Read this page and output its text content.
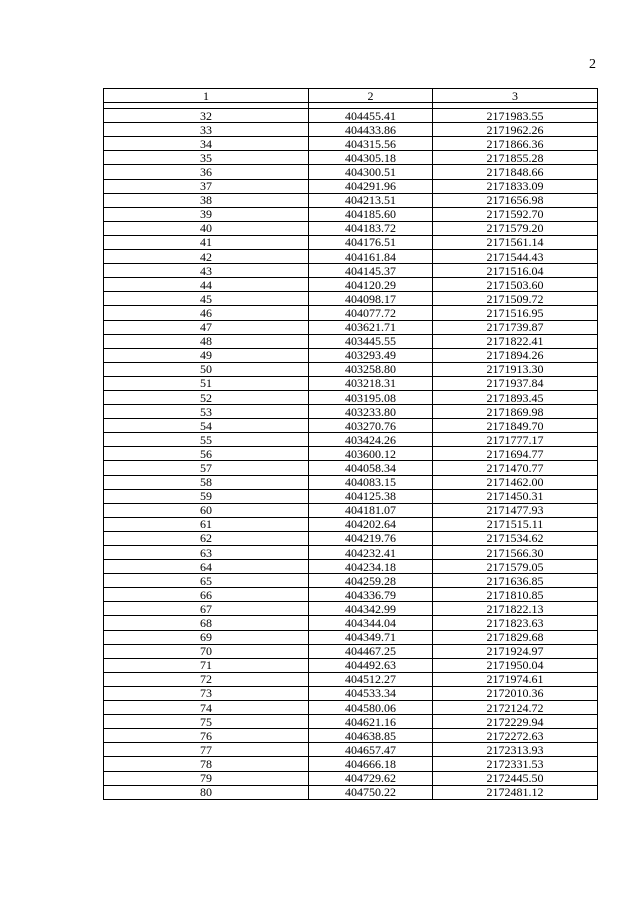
2
1	2	3

32	404455.41	2171983.55
33	404433.86	2171962.26
34	404315.56	2171866.36
35	404305.18	2171855.28
36	404300.51	2171848.66
37	404291.96	2171833.09
38	404213.51	2171656.98
39	404185.60	2171592.70
40	404183.72	2171579.20
41	404176.51	2171561.14
42	404161.84	2171544.43
43	404145.37	2171516.04
44	404120.29	2171503.60
45	404098.17	2171509.72
46	404077.72	2171516.95
47	403621.71	2171739.87
48	403445.55	2171822.41
49	403293.49	2171894.26
50	403258.80	2171913.30
51	403218.31	2171937.84
52	403195.08	2171893.45
53	403233.80	2171869.98
54	403270.76	2171849.70
55	403424.26	2171777.17
56	403600.12	2171694.77
57	404058.34	2171470.77
58	404083.15	2171462.00
59	404125.38	2171450.31
60	404181.07	2171477.93
61	404202.64	2171515.11
62	404219.76	2171534.62
63	404232.41	2171566.30
64	404234.18	2171579.05
65	404259.28	2171636.85
66	404336.79	2171810.85
67	404342.99	2171822.13
68	404344.04	2171823.63
69	404349.71	2171829.68
70	404467.25	2171924.97
71	404492.63	2171950.04
72	404512.27	2171974.61
73	404533.34	2172010.36
74	404580.06	2172124.72
75	404621.16	2172229.94
76	404638.85	2172272.63
77	404657.47	2172313.93
78	404666.18	2172331.53
79	404729.62	2172445.50
80	404750.22	2172481.12
